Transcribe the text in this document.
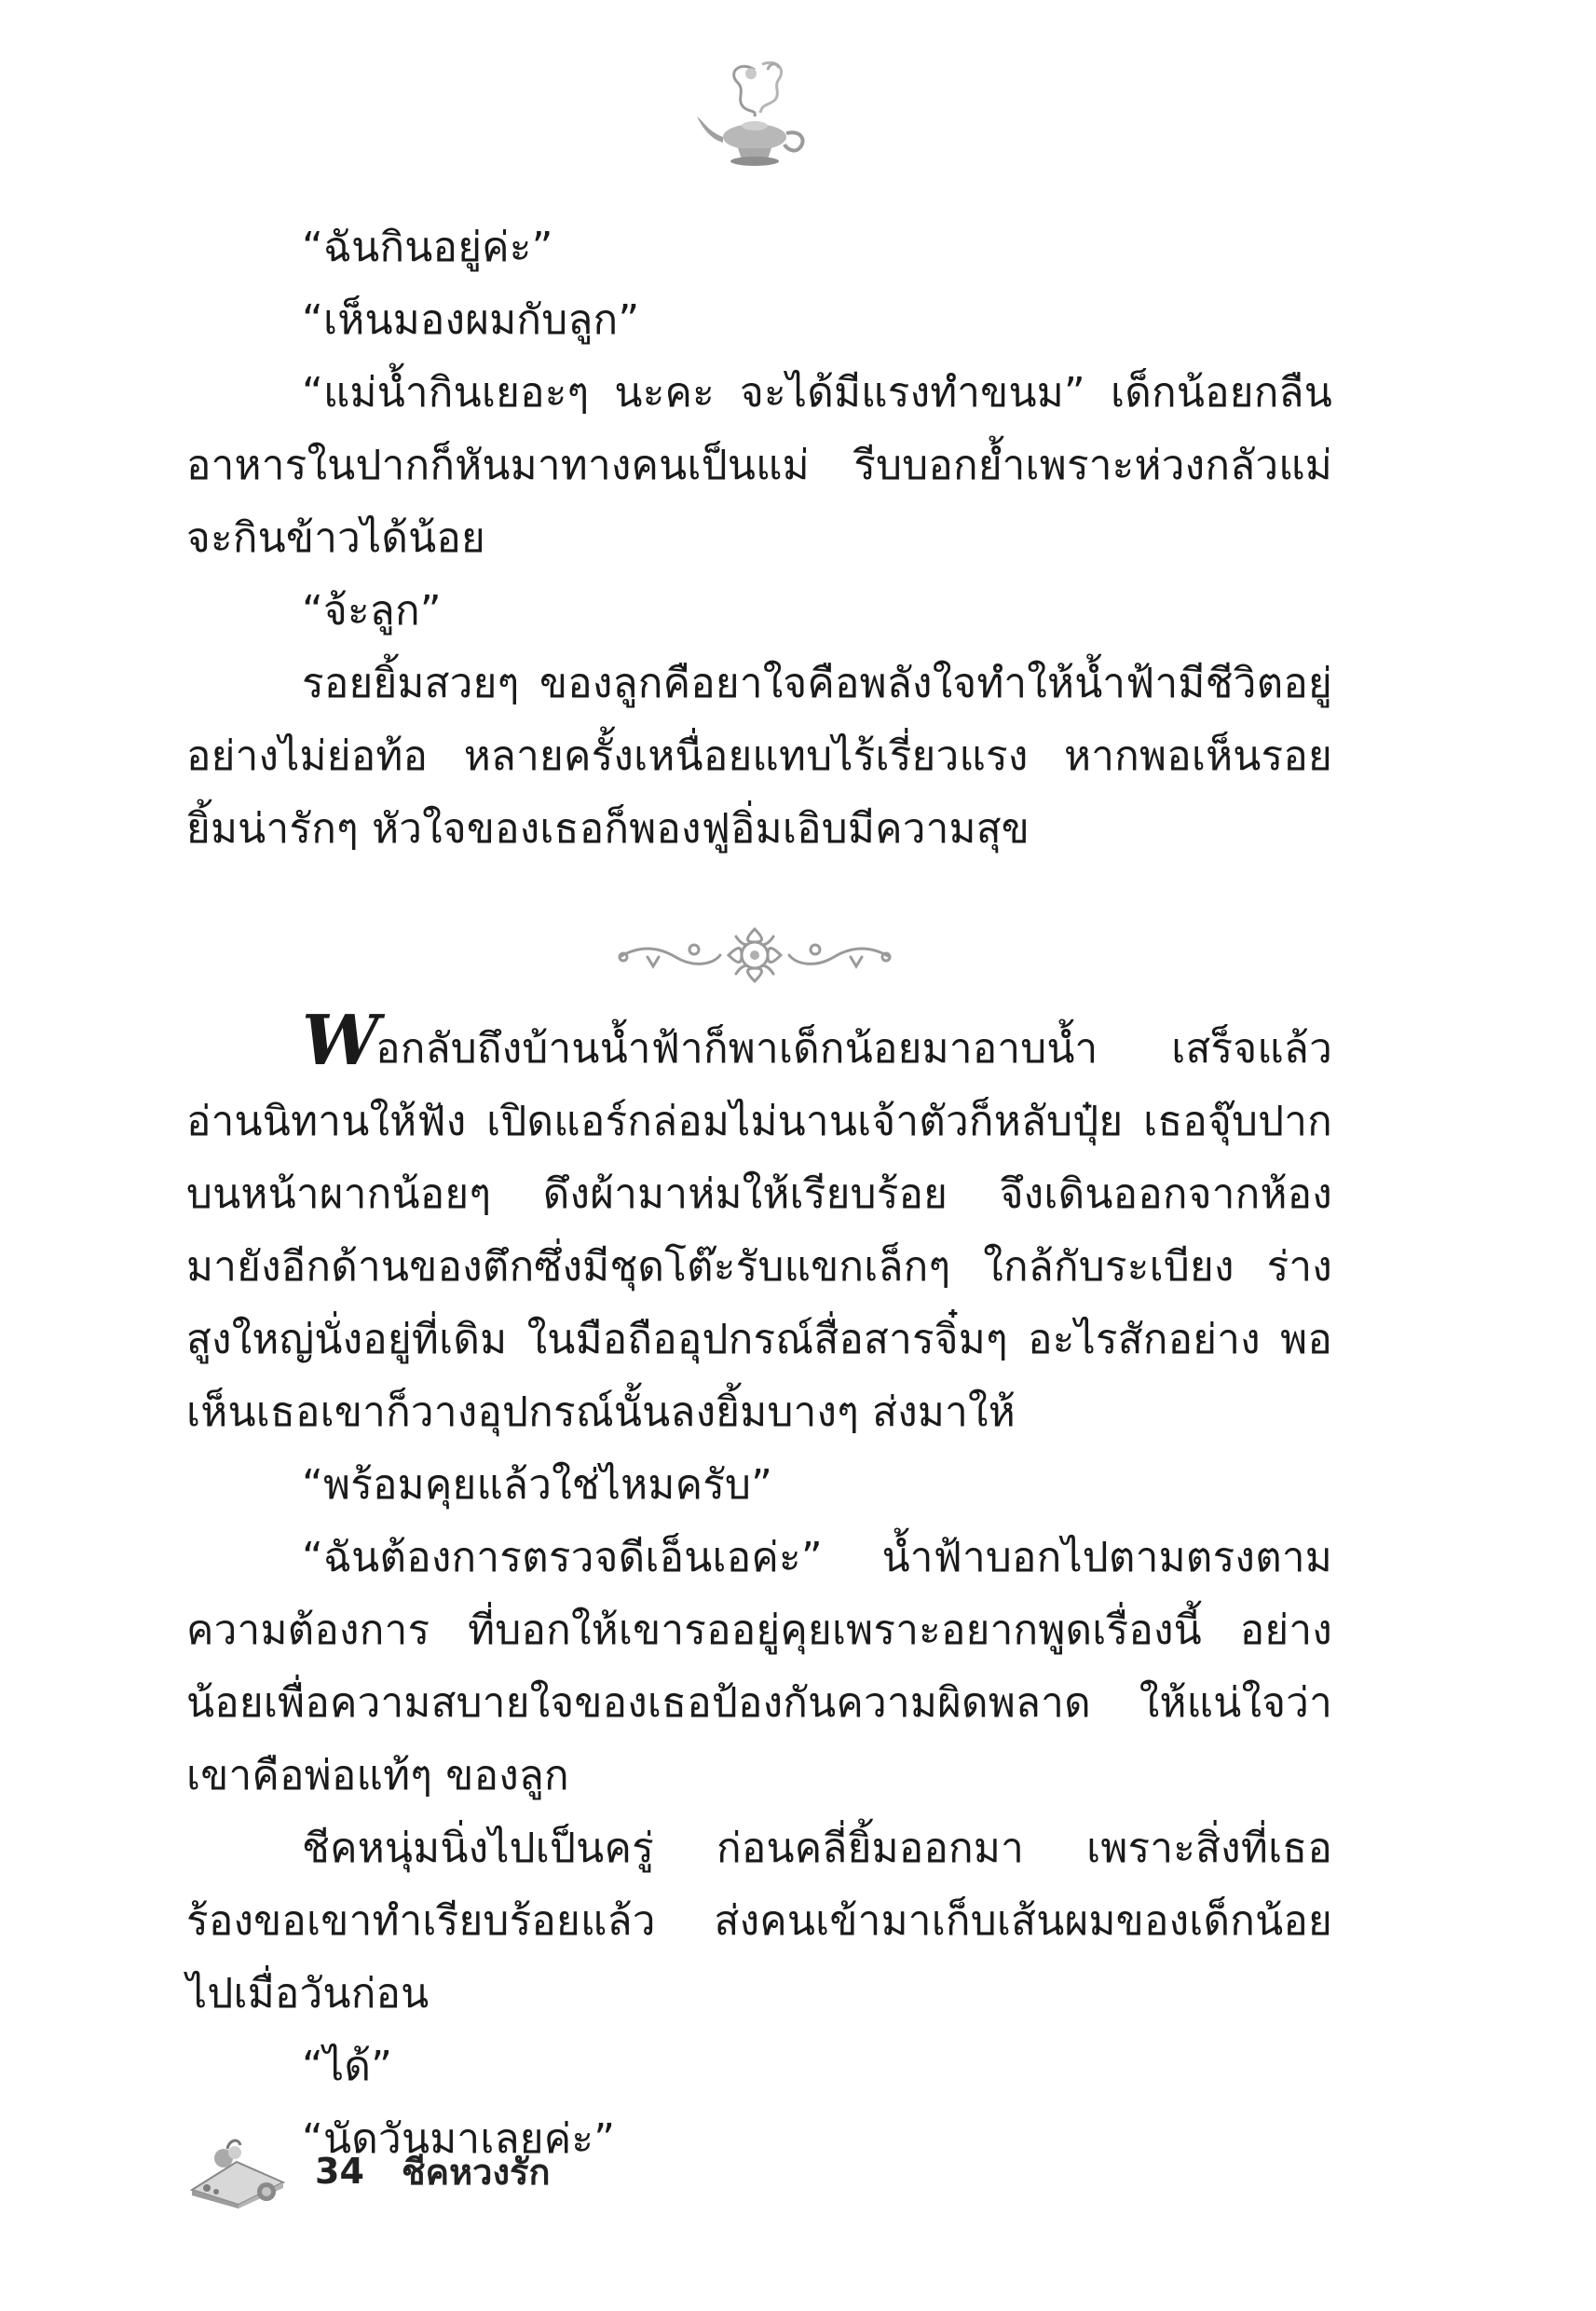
“ฉันกินอยู่ค่ะ”

“เห็นมองผมกับลูก”

“แม่น้ำกินเยอะๆ นะคะ จะได้มีแรงทำขนม” เด็กน้อยกลืนอาหารในปากก็หันมาทางคนเป็นแม่ รีบบอกย้ำเพราะห่วงกลัวแม่จะกินข้าวได้น้อย

“จ้ะลูก”

รอยยิ้มสวยๆ ของลูกคือยาใจคือพลังใจทำให้น้ำฟ้ามีชีวิตอยู่อย่างไม่ย่อท้อ หลายครั้งเหนื่อยแทบไร้เรี่ยวแรง หากพอเห็นรอยยิ้มน่ารักๆ หัวใจของเธอก็พองฟูอิ่มเอิบมีความสุข

Wอกลับถึงบ้านน้ำฟ้าก็พาเด็กน้อยมาอาบน้ำ เสร็จแล้วอ่านนิทานให้ฟัง เปิดแอร์กล่อมไม่นานเจ้าตัวก็หลับปุ๋ย เธอจุ๊บปากบนหน้าผากน้อยๆ ดึงผ้ามาห่มให้เรียบร้อย จึงเดินออกจากห้องมายังอีกด้านของตึกซึ่งมีชุดโต๊ะรับแขกเล็กๆ ใกล้กับระเบียง ร่างสูงใหญ่นั่งอยู่ที่เดิม ในมือถืออุปกรณ์สื่อสารจิ๋มๆ อะไรสักอย่าง พอเห็นเธอเขาก็วางอุปกรณ์นั้นลงยิ้มบางๆ ส่งมาให้

“พร้อมคุยแล้วใช่ไหมครับ”

“ฉันต้องการตรวจดีเอ็นเอค่ะ” น้ำฟ้าบอกไปตามตรงตามความต้องการ ที่บอกให้เขารออยู่คุยเพราะอยากพูดเรื่องนี้ อย่างน้อยเพื่อความสบายใจของเธอป้องกันความผิดพลาด ให้แน่ใจว่าเขาคือพ่อแท้ๆ ของลูก

ชีคหนุ่มนิ่งไปเป็นครู่ ก่อนคลี่ยิ้มออกมา เพราะสิ่งที่เธอร้องขอเขาทำเรียบร้อยแล้ว ส่งคนเข้ามาเก็บเส้นผมของเด็กน้อยไปเมื่อวันก่อน

“ได้”

“นัดวันมาเลยค่ะ”

34 ชีคหวงรัก
